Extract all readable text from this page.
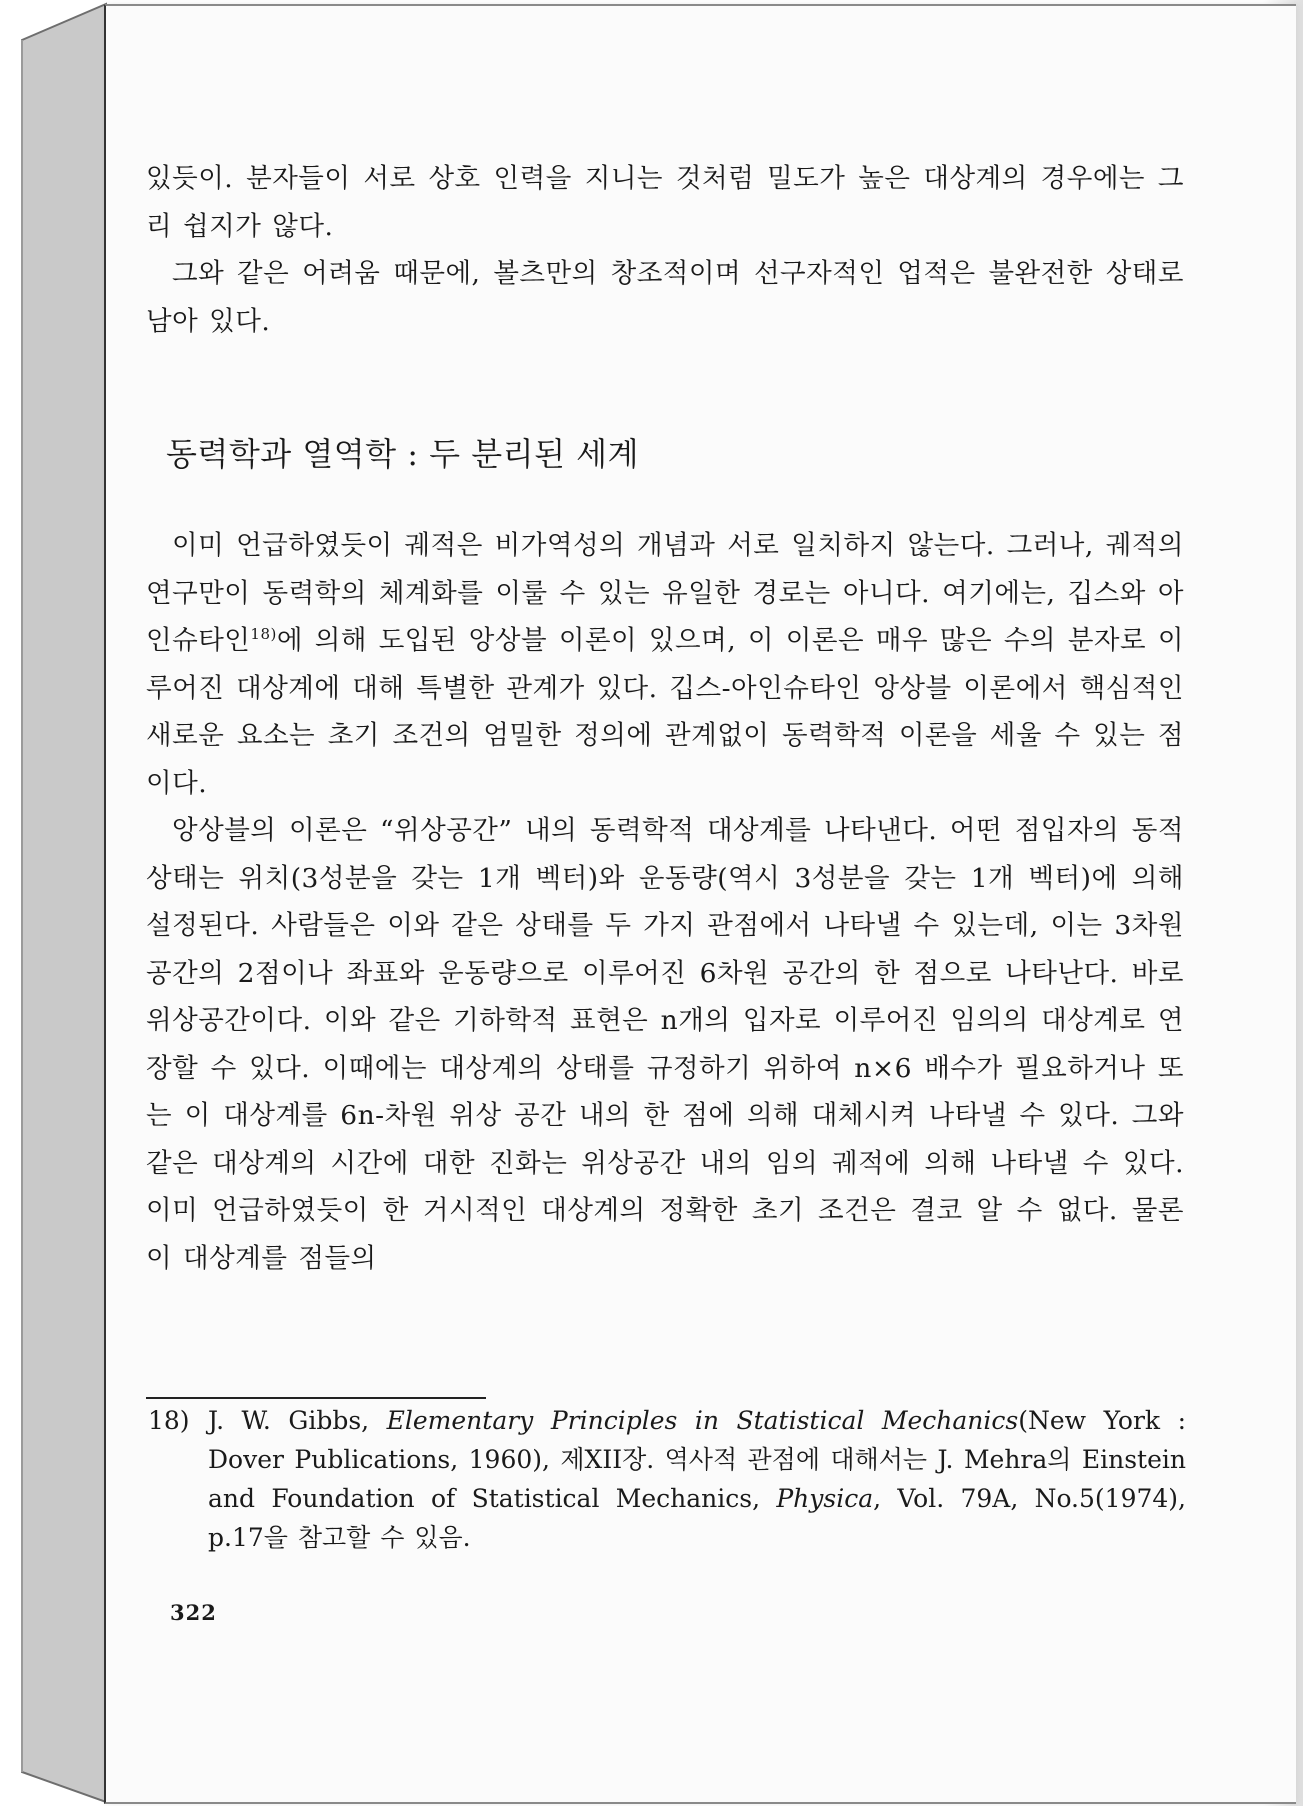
있듯이. 분자들이 서로 상호 인력을 지니는 것처럼 밀도가 높은 대상계의 경우에는 그리 쉽지가 않다.

그와 같은 어려움 때문에, 볼츠만의 창조적이며 선구자적인 업적은 불완전한 상태로 남아 있다.

동력학과 열역학 : 두 분리된 세계

이미 언급하였듯이 궤적은 비가역성의 개념과 서로 일치하지 않는다. 그러나, 궤적의 연구만이 동력학의 체계화를 이룰 수 있는 유일한 경로는 아니다. 여기에는, 깁스와 아인슈타인$^{18)}$에 의해 도입된 앙상블 이론이 있으며, 이 이론은 매우 많은 수의 분자로 이루어진 대상계에 대해 특별한 관계가 있다. 깁스-아인슈타인 앙상블 이론에서 핵심적인 새로운 요소는 초기 조건의 엄밀한 정의에 관계없이 동력학적 이론을 세울 수 있는 점이다.

앙상블의 이론은 “위상공간” 내의 동력학적 대상계를 나타낸다. 어떤 점입자의 동적 상태는 위치(3성분을 갖는 1개 벡터)와 운동량(역시 3성분을 갖는 1개 벡터)에 의해 설정된다. 사람들은 이와 같은 상태를 두 가지 관점에서 나타낼 수 있는데, 이는 3차원 공간의 2점이나 좌표와 운동량으로 이루어진 6차원 공간의 한 점으로 나타난다. 바로 위상공간이다. 이와 같은 기하학적 표현은 n개의 입자로 이루어진 임의의 대상계로 연장할 수 있다. 이때에는 대상계의 상태를 규정하기 위하여 n×6 배수가 필요하거나 또는 이 대상계를 6n-차원 위상 공간 내의 한 점에 의해 대체시켜 나타낼 수 있다. 그와 같은 대상계의 시간에 대한 진화는 위상공간 내의 임의 궤적에 의해 나타낼 수 있다. 이미 언급하였듯이 한 거시적인 대상계의 정확한 초기 조건은 결코 알 수 없다. 물론 이 대상계를 점들의

18) J. W. Gibbs, Elementary Principles in Statistical Mechanics(New York : Dover Publications, 1960), 제XII장. 역사적 관점에 대해서는 J. Mehra의 Einstein and Foundation of Statistical Mechanics, Physica, Vol. 79A, No.5(1974), p.17을 참고할 수 있음.
322
